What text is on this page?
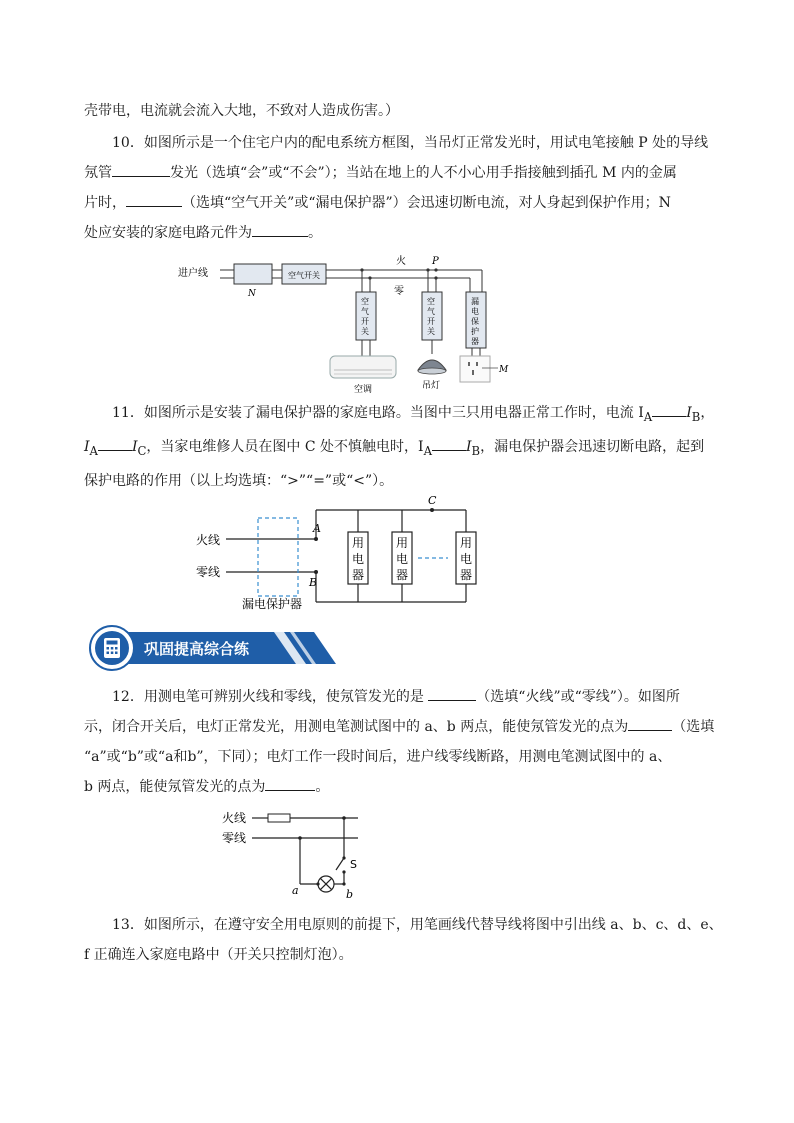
壳带电，电流就会流入大地，不致对人造成伤害。）

10．如图所示是一个住宅户内的配电系统方框图，当吊灯正常发光时，用试电笔接触 P 处的导线
氖管	发光（选填“会”或“不会”）；当站在地上的人不小心用手指接触到插孔 M 内的金属
片时，	（选填“空气开关”或“漏电保护器”）会迅速切断电流，对人身起到保护作用；N
处应安装的家庭电路元件为	。
进户线
N
空气开关
火	P
零
空
气
开
关
空调
空
气
开
关
吊灯
漏
电
保
护
器
M
11．如图所示是安装了漏电保护器的家庭电路。当图中三只用电器正常工作时，电流 $I_A$ $I_B$，
$I_A$ $I_C$，当家电维修人员在图中 C 处不慎触电时，$I_A$ $I_B$，漏电保护器会迅速切断电路，起到
保护电路的作用（以上均选填：“>”“=”或“<”）。
火线
零线
A
B
漏电保护器
C
用
电
器
用
电
器
用
电
器
巩固提高综合练
12．用测电笔可辨别火线和零线，使氖管发光的是	（选填“火线”或“零线”）。如图所
示，闭合开关后，电灯正常发光，用测电笔测试图中的 a、b 两点，能使氖管发光的点为	（选填
“a”或“b”或“a和b”，下同）；电灯工作一段时间后，进户线零线断路，用测电笔测试图中的 a、
b 两点，能使氖管发光的点为	。
火线
零线
a	b
S
13．如图所示，在遵守安全用电原则的前提下，用笔画线代替导线将图中引出线 a、b、c、d、e、
f 正确连入家庭电路中（开关只控制灯泡）。
